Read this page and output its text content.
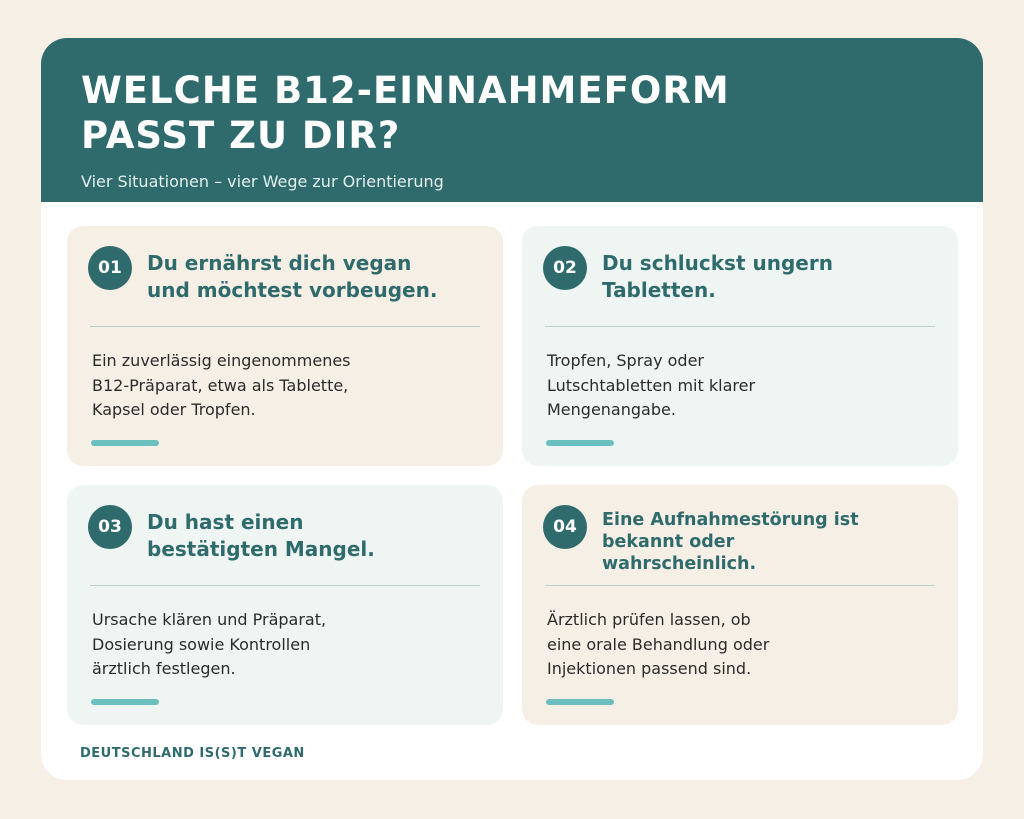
WELCHE B12-EINNAHMEFORM
PASST ZU DIR?

Vier Situationen – vier Wege zur Orientierung

01	Du ernährst dich vegan
und möchtest vorbeugen.

Ein zuverlässig eingenommenes
B12-Präparat, etwa als Tablette,
Kapsel oder Tropfen.

02	Du schluckst ungern
Tabletten.

Tropfen, Spray oder
Lutschtabletten mit klarer
Mengenangabe.

03	Du hast einen
bestätigten Mangel.

Ursache klären und Präparat,
Dosierung sowie Kontrollen
ärztlich festlegen.

04	Eine Aufnahmestörung ist
bekannt oder
wahrscheinlich.

Ärztlich prüfen lassen, ob
eine orale Behandlung oder
Injektionen passend sind.

DEUTSCHLAND IS(S)T VEGAN
